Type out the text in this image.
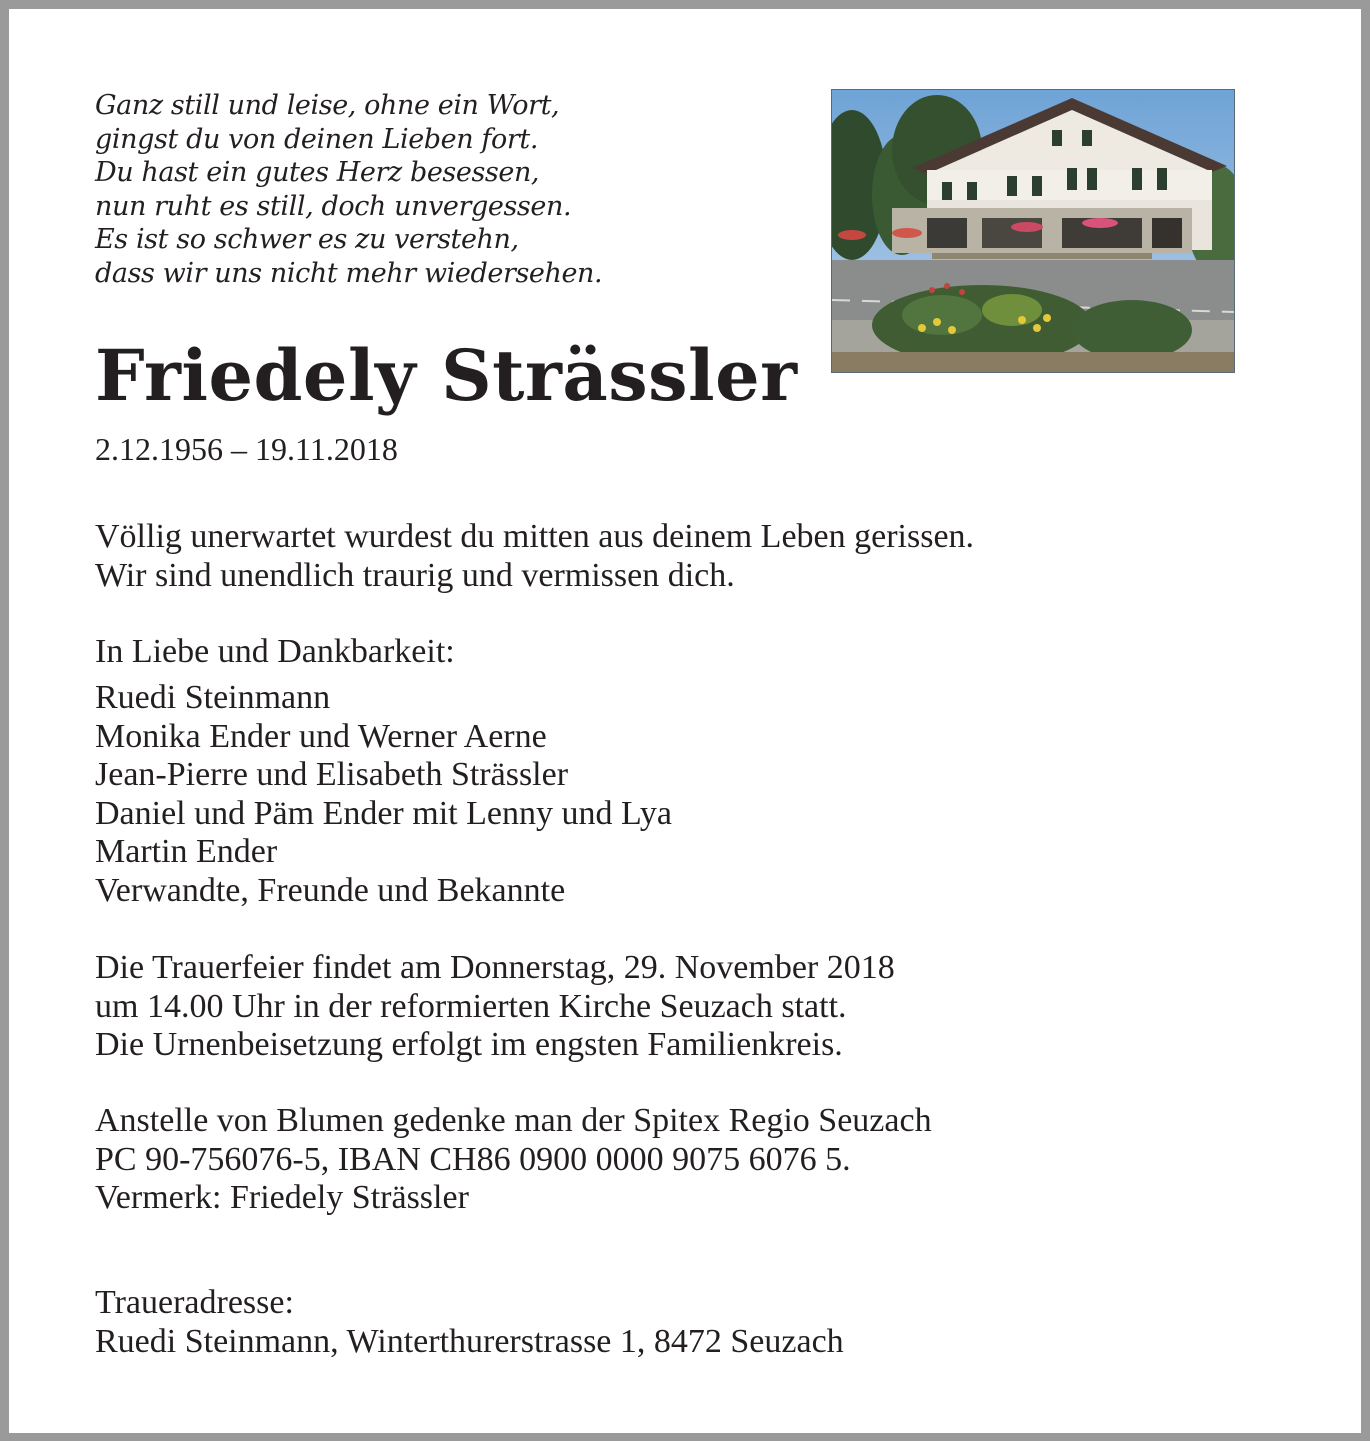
Ganz still und leise, ohne ein Wort,
gingst du von deinen Lieben fort.
Du hast ein gutes Herz besessen,
nun ruht es still, doch unvergessen.
Es ist so schwer es zu verstehn,
dass wir uns nicht mehr wiedersehen.
Friedely Strässler
2.12.1956 – 19.11.2018
Völlig unerwartet wurdest du mitten aus deinem Leben gerissen.
Wir sind unendlich traurig und vermissen dich.
In Liebe und Dankbarkeit:
Ruedi Steinmann
Monika Ender und Werner Aerne
Jean-Pierre und Elisabeth Strässler
Daniel und Päm Ender mit Lenny und Lya
Martin Ender
Verwandte, Freunde und Bekannte
Die Trauerfeier findet am Donnerstag, 29. November 2018
um 14.00 Uhr in der reformierten Kirche Seuzach statt.
Die Urnenbeisetzung erfolgt im engsten Familienkreis.
Anstelle von Blumen gedenke man der Spitex Regio Seuzach
PC 90-756076-5, IBAN CH86 0900 0000 9075 6076 5.
Vermerk: Friedely Strässler
Traueradresse:
Ruedi Steinmann, Winterthurerstrasse 1, 8472 Seuzach
